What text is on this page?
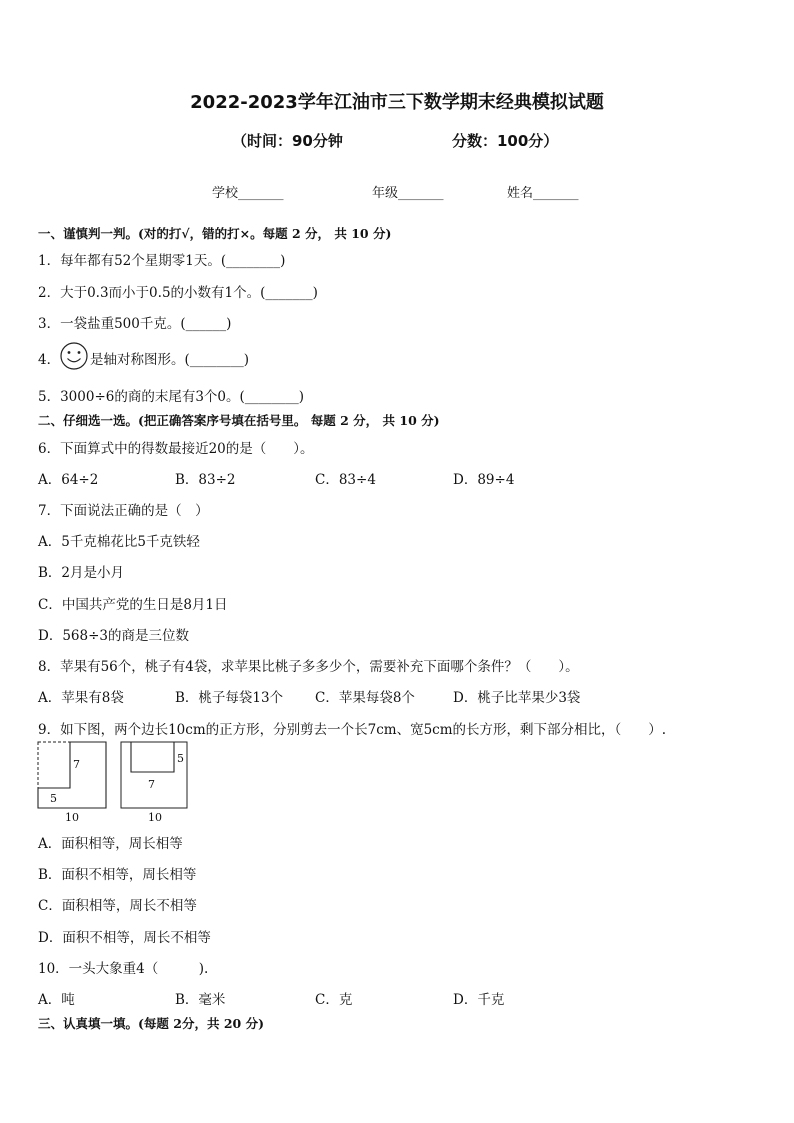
2022-2023学年江油市三下数学期末经典模拟试题
（时间：90分钟	分数：100分）
学校_______	年级_______	姓名_______
一、谨慎判一判。(对的打√，错的打×。每题 2 分， 共 10 分)
1．每年都有52个星期零1天。(________)
2．大于0.3而小于0.5的小数有1个。(_______)
3．一袋盐重500千克。(______)
4． 是轴对称图形。(________)
5．3000÷6的商的末尾有3个0。(________)
二、仔细选一选。(把正确答案序号填在括号里。 每题 2 分， 共 10 分)
6．下面算式中的得数最接近20的是（　　）。
A．64÷2	B．83÷2	C．83÷4	D．89÷4
7．下面说法正确的是（　）
A．5千克棉花比5千克铁轻
B．2月是小月
C．中国共产党的生日是8月1日
D．568÷3的商是三位数
8．苹果有56个，桃子有4袋，求苹果比桃子多多少个，需要补充下面哪个条件？（　　）。
A．苹果有8袋	B．桃子每袋13个 C．苹果每袋8个	D．桃子比苹果少3袋
9．如下图，两个边长10cm的正方形，分别剪去一个长7cm、宽5cm的长方形，剩下部分相比，（　　）.
7
5
10
5
7
10
A．面积相等，周长相等
B．面积不相等，周长相等
C．面积相等，周长不相等
D．面积不相等，周长不相等
10．一头大象重4（　　　).
A．吨	B．毫米	C．克	D．千克
三、认真填一填。(每题 2分，共 20 分)
